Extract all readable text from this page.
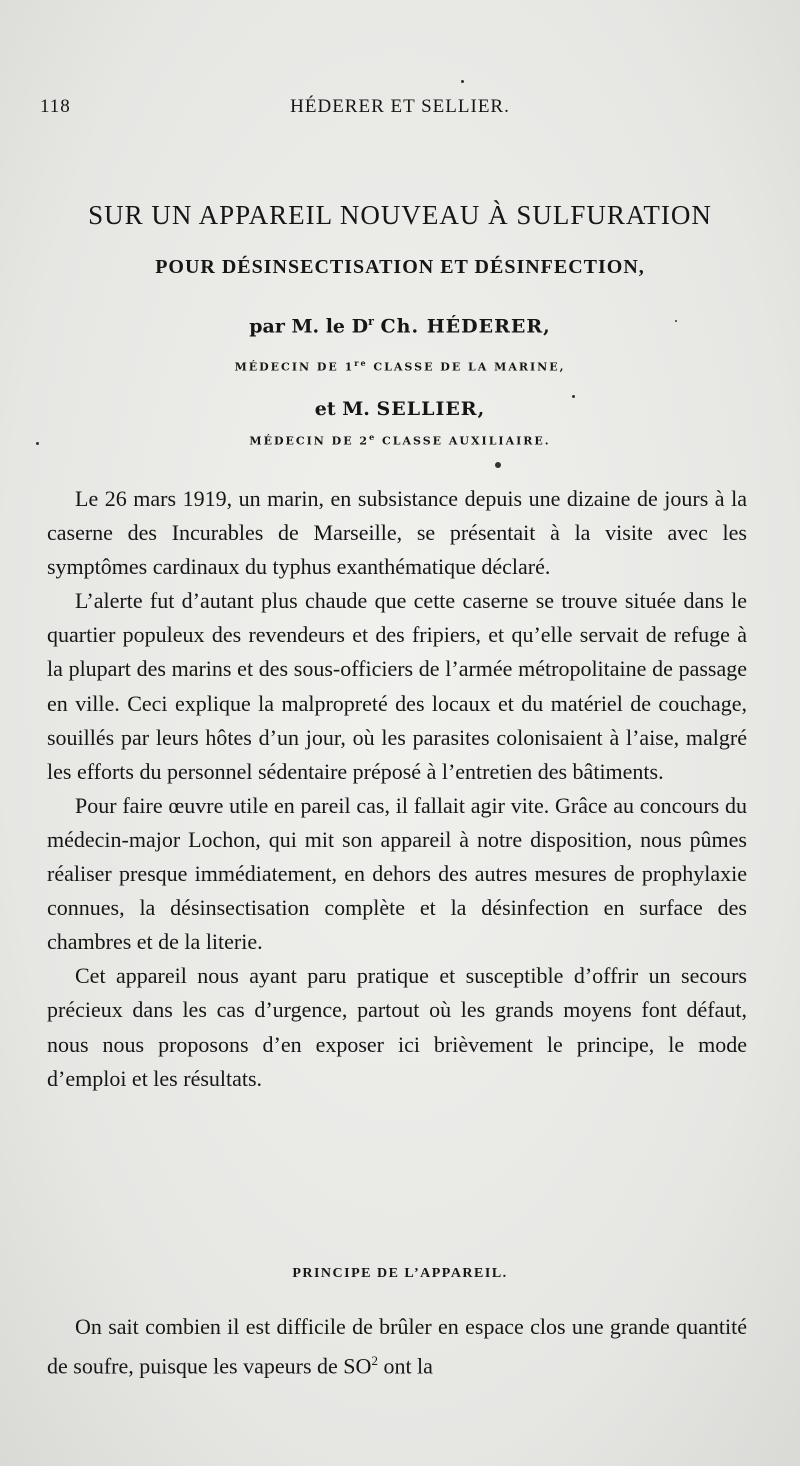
118	HÉDERER ET SELLIER.
SUR UN APPAREIL NOUVEAU À SULFURATION
POUR DÉSINSECTISATION ET DÉSINFECTION,
par M. le $D^r$ Ch. HÉDERER,
MÉDECIN DE 1re CLASSE DE LA MARINE,
et M. SELLIER,
MÉDECIN DE 2e CLASSE AUXILIAIRE.

Le 26 mars 1919, un marin, en subsistance depuis une dizaine de jours à la caserne des Incurables de Marseille, se présentait à la visite avec les symptômes cardinaux du typhus exanthématique déclaré.

L’alerte fut d’autant plus chaude que cette caserne se trouve située dans le quartier populeux des revendeurs et des fripiers, et qu’elle servait de refuge à la plupart des marins et des sous-officiers de l’armée métropolitaine de passage en ville. Ceci explique la malpropreté des locaux et du matériel de couchage, souillés par leurs hôtes d’un jour, où les parasites colonisaient à l’aise, malgré les efforts du personnel sédentaire préposé à l’entretien des bâtiments.

Pour faire œuvre utile en pareil cas, il fallait agir vite. Grâce au concours du médecin-major Lochon, qui mit son appareil à notre disposition, nous pûmes réaliser presque immédiatement, en dehors des autres mesures de prophylaxie connues, la désinsectisation complète et la désinfection en surface des chambres et de la literie.

Cet appareil nous ayant paru pratique et susceptible d’offrir un secours précieux dans les cas d’urgence, partout où les grands moyens font défaut, nous nous proposons d’en exposer ici brièvement le principe, le mode d’emploi et les résultats.

PRINCIPE DE L’APPAREIL.

On sait combien il est difficile de brûler en espace clos une grande quantité de soufre, puisque les vapeurs de $SO^2$ ont la
